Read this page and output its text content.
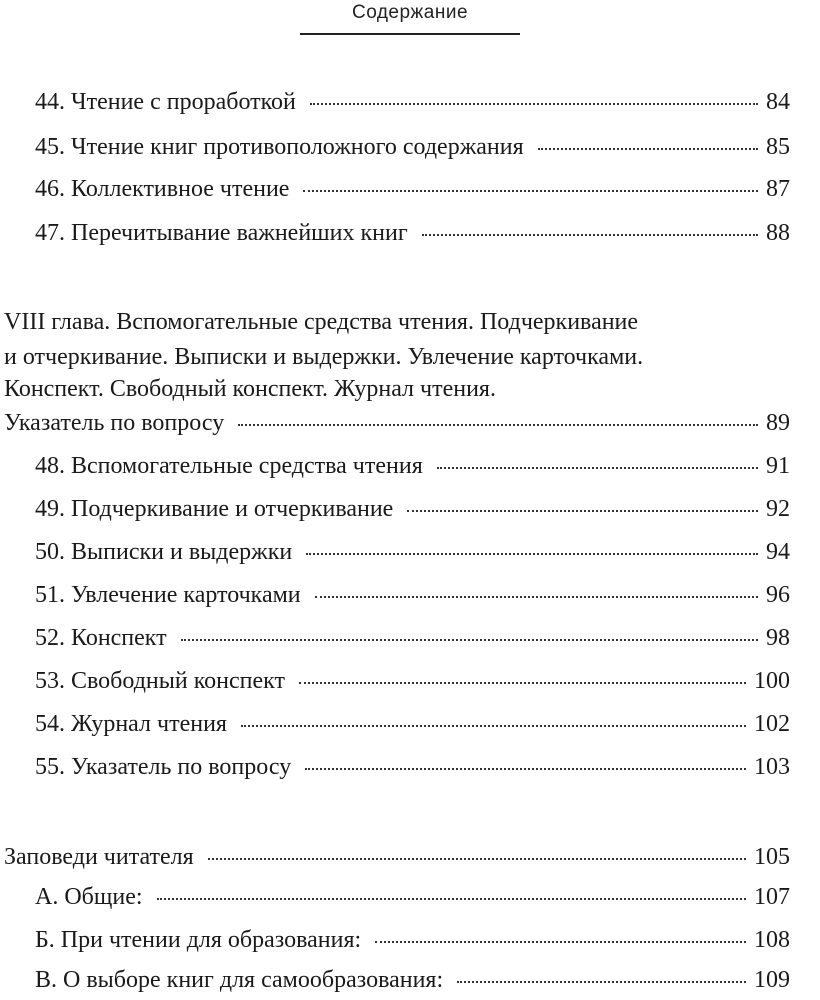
Содержание
44. Чтение с проработкой	84
45. Чтение книг противоположного содержания	85
46. Коллективное чтение	87
47. Перечитывание важнейших книг	88
VIII глава. Вспомогательные средства чтения. Подчеркивание
и отчеркивание. Выписки и выдержки. Увлечение карточками.
Конспект. Свободный конспект. Журнал чтения.
Указатель по вопросу	89
48. Вспомогательные средства чтения	91
49. Подчеркивание и отчеркивание	92
50. Выписки и выдержки	94
51. Увлечение карточками	96
52. Конспект	98
53. Свободный конспект	100
54. Журнал чтения	102
55. Указатель по вопросу	103
Заповеди читателя	105
А. Общие:	107
Б. При чтении для образования:	108
В. О выборе книг для самообразования:	109
